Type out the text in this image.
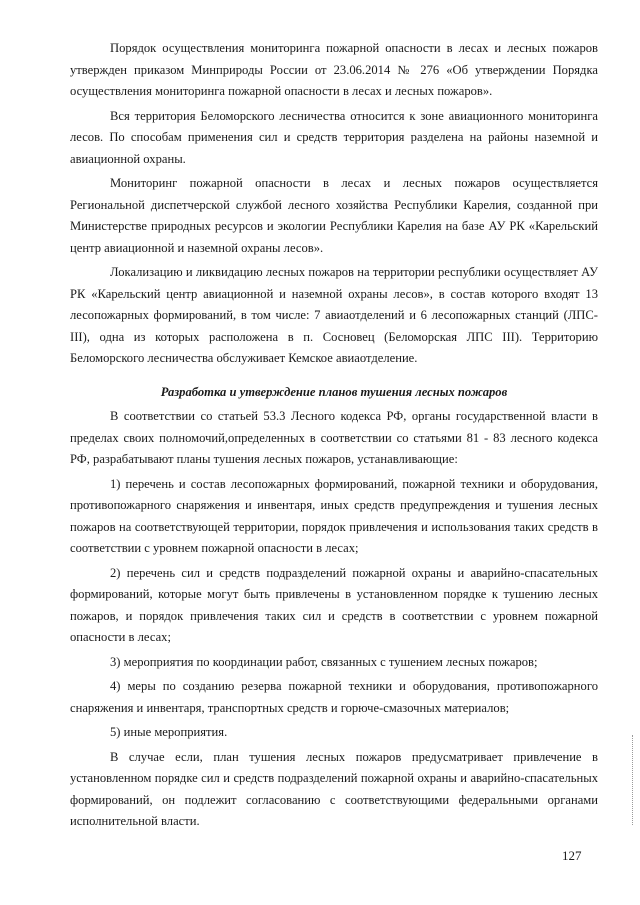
Порядок осуществления мониторинга пожарной опасности в лесах и лесных пожаров утвержден приказом Минприроды России от 23.06.2014 № 276 «Об утверждении Порядка осуществления мониторинга пожарной опасности в лесах и лесных пожаров».

Вся территория Беломорского лесничества относится к зоне авиационного мониторинга лесов. По способам применения сил и средств территория разделена на районы наземной и авиационной охраны.

Мониторинг пожарной опасности в лесах и лесных пожаров осуществляется Региональной диспетчерской службой лесного хозяйства Республики Карелия, созданной при Министерстве природных ресурсов и экологии Республики Карелия на базе АУ РК «Карельский центр авиационной и наземной охраны лесов».

Локализацию и ликвидацию лесных пожаров на территории республики осуществляет АУ РК «Карельский центр авиационной и наземной охраны лесов», в состав которого входят 13 лесопожарных формирований, в том числе: 7 авиаотделений и 6 лесопожарных станций (ЛПС-III), одна из которых расположена в п. Сосновец (Беломорская ЛПС III). Территорию Беломорского лесничества обслуживает Кемское авиаотделение.

Разработка и утверждение планов тушения лесных пожаров

В соответствии со статьей 53.3 Лесного кодекса РФ, органы государственной власти в пределах своих полномочий,определенных в соответствии со статьями 81 - 83 лесного кодекса РФ, разрабатывают планы тушения лесных пожаров, устанавливающие:

1) перечень и состав лесопожарных формирований, пожарной техники и оборудования, противопожарного снаряжения и инвентаря, иных средств предупреждения и тушения лесных пожаров на соответствующей территории, порядок привлечения и использования таких средств в соответствии с уровнем пожарной опасности в лесах;

2) перечень сил и средств подразделений пожарной охраны и аварийно-спасательных формирований, которые могут быть привлечены в установленном порядке к тушению лесных пожаров, и порядок привлечения таких сил и средств в соответствии с уровнем пожарной опасности в лесах;

3) мероприятия по координации работ, связанных с тушением лесных пожаров;

4) меры по созданию резерва пожарной техники и оборудования, противопожарного снаряжения и инвентаря, транспортных средств и горюче-смазочных материалов;

5) иные мероприятия.

В случае если, план тушения лесных пожаров предусматривает привлечение в установленном порядке сил и средств подразделений пожарной охраны и аварийно-спасательных формирований, он подлежит согласованию с соответствующими федеральными органами исполнительной власти.

127
